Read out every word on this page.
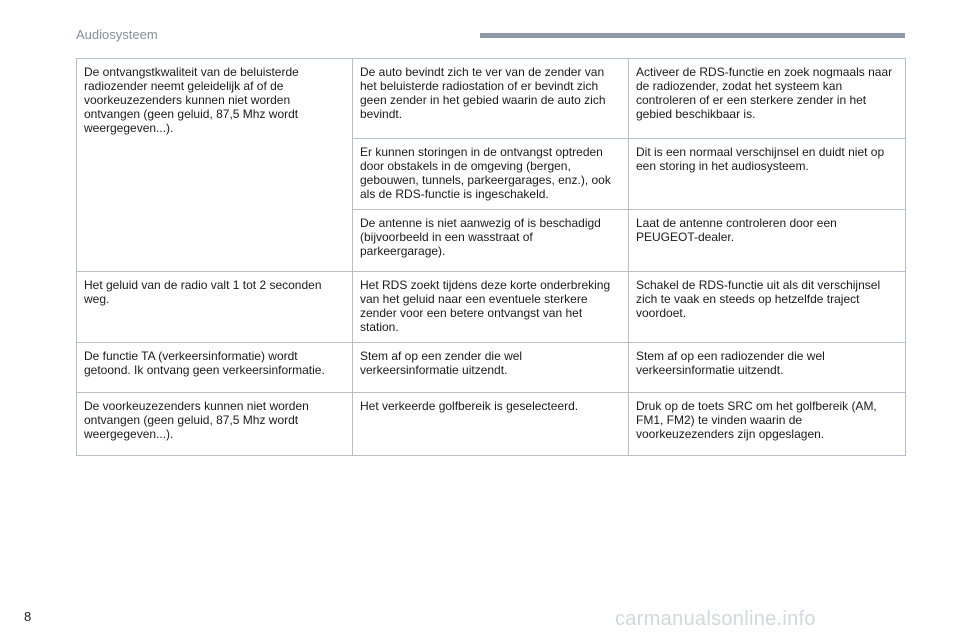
Audiosysteem
De ontvangstkwaliteit van de beluisterde radiozender neemt geleidelijk af of de voorkeuzezenders kunnen niet worden ontvangen (geen geluid, 87,5 Mhz wordt weergegeven...).	De auto bevindt zich te ver van de zender van het beluisterde radiostation of er bevindt zich geen zender in het gebied waarin de auto zich bevindt.	Activeer de RDS-functie en zoek nogmaals naar de radiozender, zodat het systeem kan controleren of er een sterkere zender in het gebied beschikbaar is.
	Er kunnen storingen in de ontvangst optreden door obstakels in de omgeving (bergen, gebouwen, tunnels, parkeergarages, enz.), ook als de RDS-functie is ingeschakeld.	Dit is een normaal verschijnsel en duidt niet op een storing in het audiosysteem.
	De antenne is niet aanwezig of is beschadigd (bijvoorbeeld in een wasstraat of parkeergarage).	Laat de antenne controleren door een PEUGEOT-dealer.
Het geluid van de radio valt 1 tot 2 seconden weg.	Het RDS zoekt tijdens deze korte onderbreking van het geluid naar een eventuele sterkere zender voor een betere ontvangst van het station.	Schakel de RDS-functie uit als dit verschijnsel zich te vaak en steeds op hetzelfde traject voordoet.
De functie TA (verkeersinformatie) wordt getoond. Ik ontvang geen verkeersinformatie.	Stem af op een zender die wel verkeersinformatie uitzendt.	Stem af op een radiozender die wel verkeersinformatie uitzendt.
De voorkeuzezenders kunnen niet worden ontvangen (geen geluid, 87,5 Mhz wordt weergegeven...).	Het verkeerde golfbereik is geselecteerd.	Druk op de toets SRC om het golfbereik (AM, FM1, FM2) te vinden waarin de voorkeuzezenders zijn opgeslagen.
8	carmanualsonline.info
